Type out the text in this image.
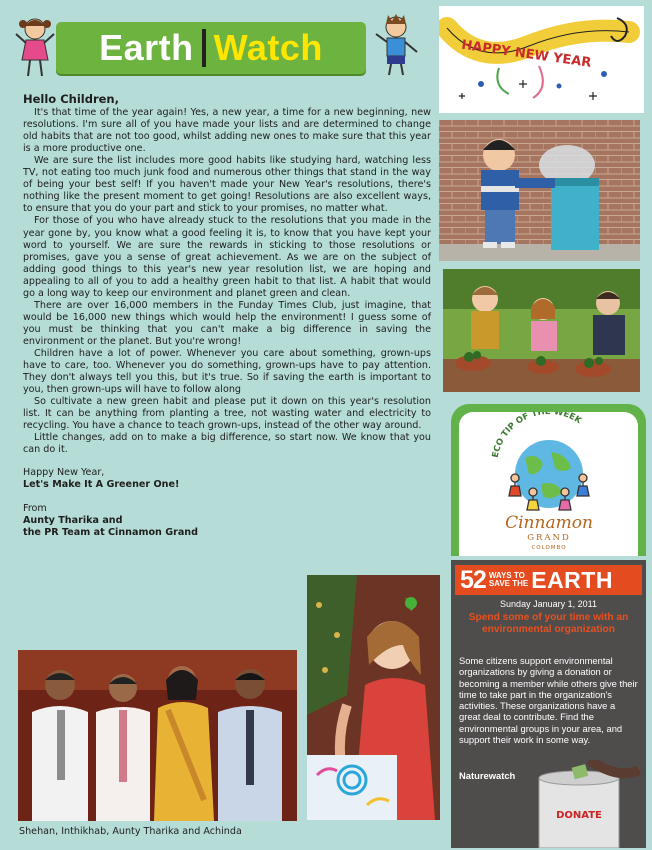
Earth Watch	HAPPY NEW YEAR
ECO TIP OF THE WEEK
Cinnamon
GRAND
COLOMBO
Hello Children,

It's that time of the year again! Yes, a new year, a time for a new beginning, new resolutions. I'm sure all of you have made your lists and are determined to change old habits that are not too good, whilst adding new ones to make sure that this year is a more productive one.

We are sure the list includes more good habits like studying hard, watching less TV, not eating too much junk food and numerous other things that stand in the way of being your best self! If you haven't made your New Year's resolutions, there's nothing like the present moment to get going! Resolutions are also excellent ways, to ensure that you do your part and stick to your promises, no matter what.

For those of you who have already stuck to the resolutions that you made in the year gone by, you know what a good feeling it is, to know that you have kept your word to yourself. We are sure the rewards in sticking to those resolutions or promises, gave you a sense of great achievement. As we are on the subject of adding good things to this year's new year resolution list, we are hoping and appealing to all of you to add a healthy green habit to that list. A habit that would go a long way to keep our environment and planet green and clean.

There are over 16,000 members in the Funday Times Club, just imagine, that would be 16,000 new things which would help the environment! I guess some of you must be thinking that you can't make a big difference in saving the environment or the planet. But you're wrong!

Children have a lot of power. Whenever you care about something, grown-ups have to care, too. Whenever you do something, grown-ups have to pay attention. They don't always tell you this, but it's true. So if saving the earth is important to you, then grown-ups will have to follow along

So cultivate a new green habit and please put it down on this year's resolution list. It can be anything from planting a tree, not wasting water and electricity to recycling. You have a chance to teach grown-ups, instead of the other way around.

Little changes, add on to make a big difference, so start now. We know that you can do it.

Happy New Year,
Let's Make It A Greener One!
From
Aunty Tharika and
the PR Team at Cinnamon Grand
Shehan, Inthikhab, Aunty Tharika and Achinda
52 WAYS TO
SAVE THE EARTH
Sunday January 1, 2011
Spend some of your time with an environmental organization
Some citizens support environmental organizations by giving a donation or becoming a member while others give their time to take part in the organization's activities. These organizations have a great deal to contribute. Find the environmental groups in your area, and support their work in some way.
Naturewatch
DONATE
